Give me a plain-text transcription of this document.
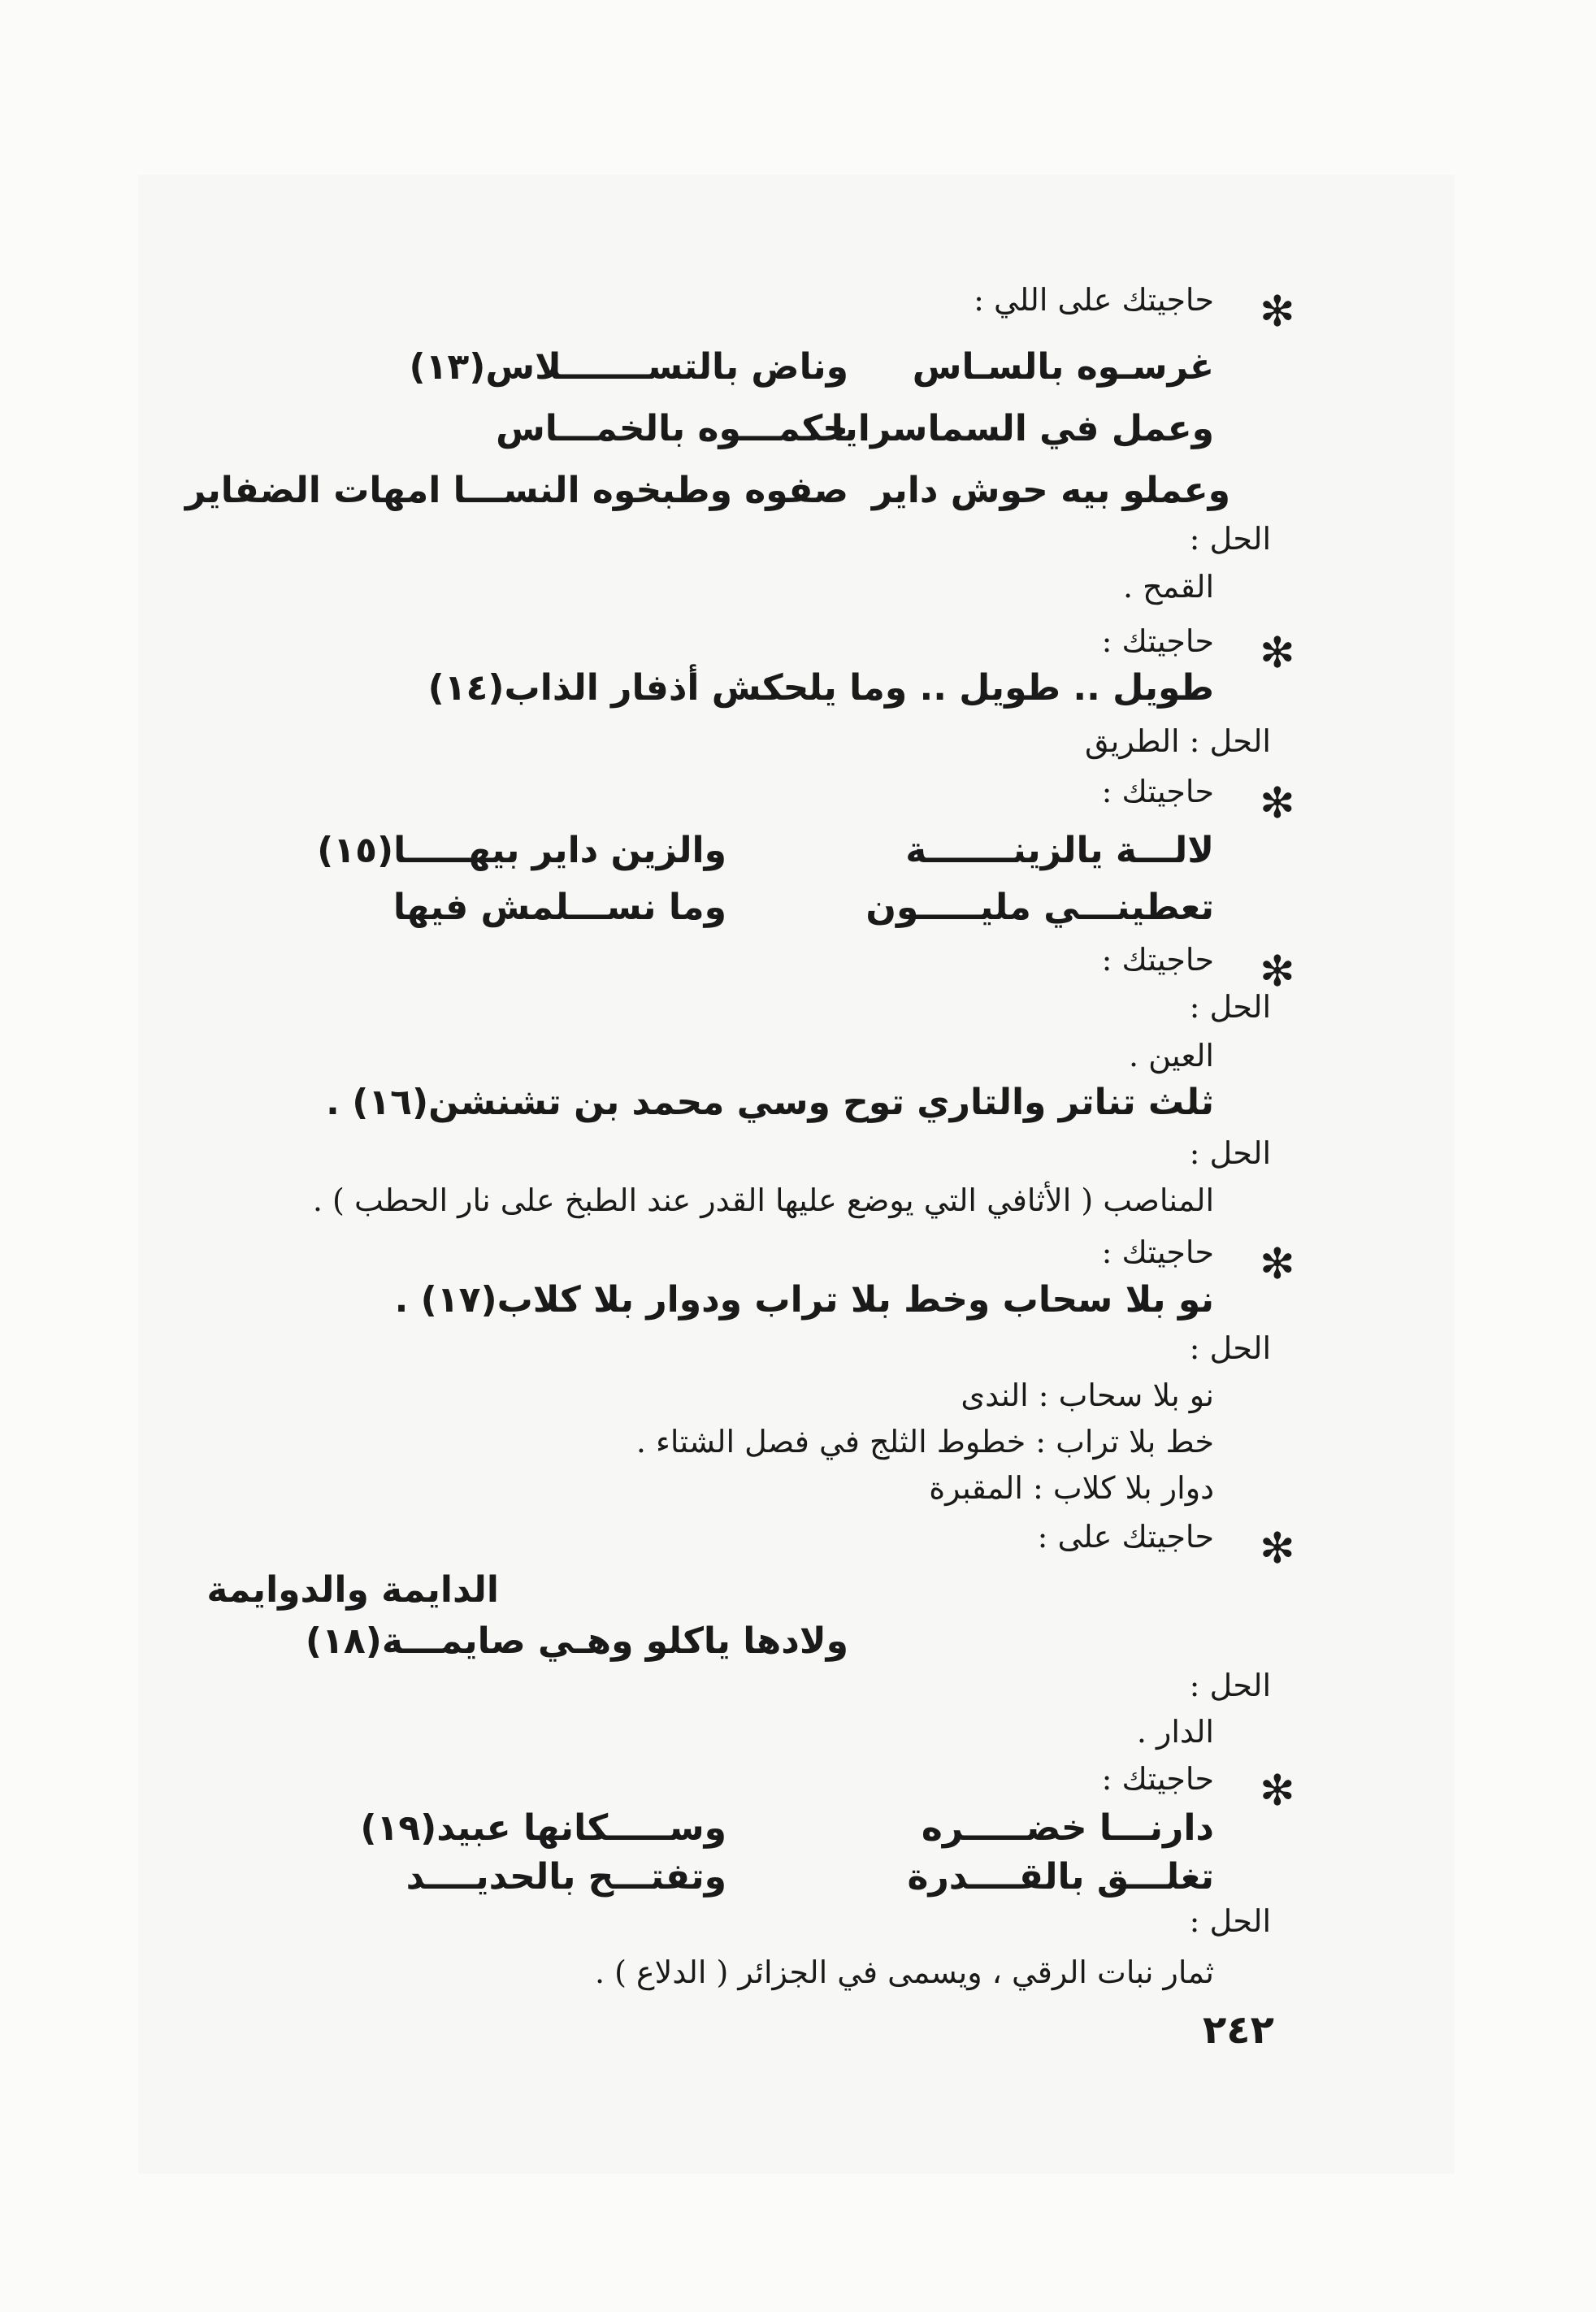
✻
حاجيتك على اللي :
غرسـوه بالسـاس
وناض بالتســـــــلاس(١٣)
وعمل في السماسرايا
حكمـــوه بالخمـــاس
وعملو بيه حوش داير
صفوه وطبخوه النســـا امهات الضفاير
الحل :
القمح .
✻
حاجيتك :
طويل .. طويل .. وما يلحكش أذفار الذاب(١٤)
الحل : الطريق
✻
حاجيتك :
لالـــة يالزينـــــــة
والزين داير بيهـــــا(١٥)
تعطينـــي مليـــــون
وما نســـلمش فيها
✻
حاجيتك :
الحل :
العين .
ثلث تناتر والتاري توح وسي محمد بن تشنشن(١٦) .
الحل :
المناصب ( الأثافي التي يوضع عليها القدر عند الطبخ على نار الحطب ) .
✻
حاجيتك :
نو بلا سحاب وخط بلا تراب ودوار بلا كلاب(١٧) .
الحل :
نو بلا سحاب : الندى
خط بلا تراب : خطوط الثلج في فصل الشتاء .
دوار بلا كلاب : المقبرة
✻
حاجيتك على :
الدايمة والدوايمة
ولادها ياكلو وهـي صايمـــة(١٨)
الحل :
الدار .
✻
حاجيتك :
دارنـــا خضـــــره
وســـــكانها عبيد(١٩)
تغلـــق بالقــــدرة
وتفتـــح بالحديــــد
الحل :
ثمار نبات الرقي ، ويسمى في الجزائر ( الدلاع ) .
٢٤٢
